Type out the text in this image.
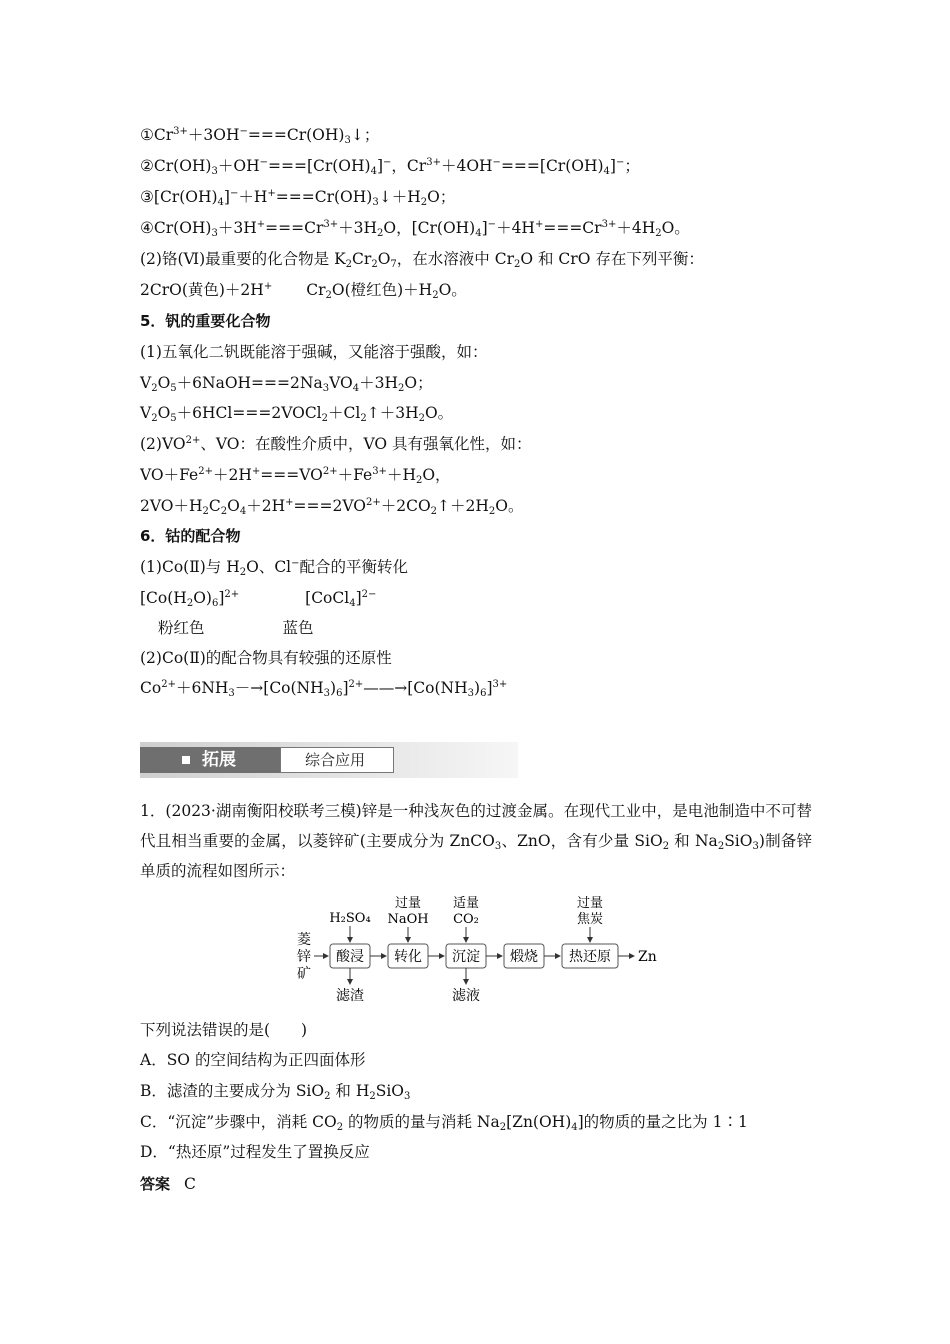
$①Cr^{3+}+3OH^-===Cr(OH)_3↓$；
$②Cr(OH)_3+OH^-===[Cr(OH)_4]^-$，$Cr^{3+}+4OH^-===[Cr(OH)_4]^-$；
$③[Cr(OH)_4]^-+H^+===Cr(OH)_3↓+H_2O$；
$④Cr(OH)_3+3H^+===Cr^{3+}+3H_2O$，$[Cr(OH)_4]^-+4H^+===Cr^{3+}+4H_2O$。
(2)铬(Ⅵ)最重要的化合物是 $K_2Cr_2O_7$，在水溶液中 $Cr_2O$ 和 CrO 存在下列平衡：
2CrO(黄色)＋2H+ $Cr_2O$(橙红色)$+H_2O$。
5．钒的重要化合物
(1)五氧化二钒既能溶于强碱，又能溶于强酸，如：
$V_2O_5+6NaOH===2Na_3VO_4+3H_2O$；
$V_2O_5+6HCl===2VOCl_2+Cl_2↑+3H_2O$。
$(2)VO^{2+}$、VO：在酸性介质中，VO 具有强氧化性，如：
$VO+Fe^{2+}+2H^+===VO^{2+}+Fe^{3+}+H_2O$，
$2VO+H_2C_2O_4+2H^+===2VO^{2+}+2CO_2↑+2H_2O$。
6．钴的配合物
(1)Co(Ⅱ)与 $H_2O$、Cl−配合的平衡转化
$[Co(H_2O)_6]^{2+}$	[CoCl$_4$]$^{2-}$
粉红色	蓝色
(2)Co(Ⅱ)的配合物具有较强的还原性
$Co^{2+}+6NH_3-\to[Co(NH_3)_6]^{2+}——\to[Co(NH_3)_6]^{3+}$
拓展	综合应用
1．(2023·湖南衡阳校联考三模)锌是一种浅灰色的过渡金属。在现代工业中，是电池制造中不可替代且相当重要的金属，以菱锌矿(主要成分为 ZnCO$_3$、ZnO，含有少量 SiO$_2$ 和 $Na_2SiO_3$)制备锌单质的流程如图所示：
菱
锌
矿
酸浸 转化 沉淀 煅烧 热还原 Zn
H₂SO₄
过量
NaOH
适量
CO₂
过量
焦炭
滤渣	滤液
下列说法错误的是(　　)
A．SO 的空间结构为正四面体形
B．滤渣的主要成分为 SiO$_2$ 和 $H_2SiO_3$
C．“沉淀”步骤中，消耗 $CO_2$ 的物质的量与消耗 $Na_2[Zn(OH)_4]$的物质的量之比为 1∶1
D．“热还原”过程发生了置换反应
答案 C
